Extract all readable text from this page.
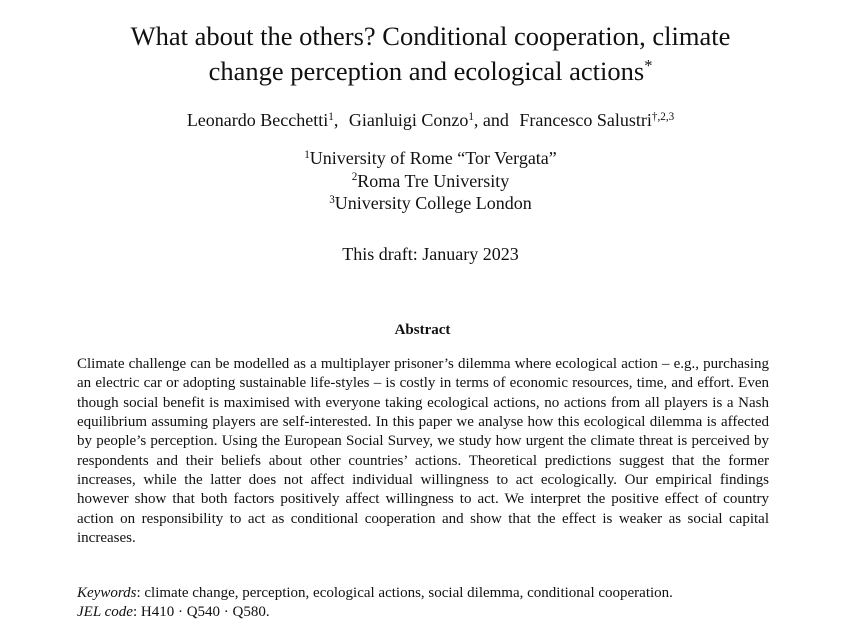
What about the others? Conditional cooperation, climate
change perception and ecological actions*
Leonardo Becchetti$^1$, Gianluigi Conzo$^1$, and Francesco Salustri$^{\dagger,2,3}$
$^1$University of Rome “Tor Vergata”
$^2$Roma Tre University
$^3$University College London
This draft: January 2023
Abstract

Climate challenge can be modelled as a multiplayer prisoner’s dilemma where ecological action – e.g., purchasing an electric car or adopting sustainable life-styles – is costly in terms of economic resources, time, and effort. Even though social benefit is maximised with everyone taking ecological actions, no actions from all players is a Nash equilibrium assuming players are self-interested. In this paper we analyse how this ecological dilemma is affected by people’s perception. Using the European Social Survey, we study how urgent the climate threat is perceived by respondents and their beliefs about other countries’ actions. Theoretical predictions suggest that the former increases, while the latter does not affect individual willingness to act ecologically. Our empirical findings however show that both factors positively affect willingness to act. We interpret the positive effect of country action on responsibility to act as conditional cooperation and show that the effect is weaker as social capital increases.

Keywords: climate change, perception, ecological actions, social dilemma, conditional cooperation.
JEL code: H410 · Q540 · Q580.
